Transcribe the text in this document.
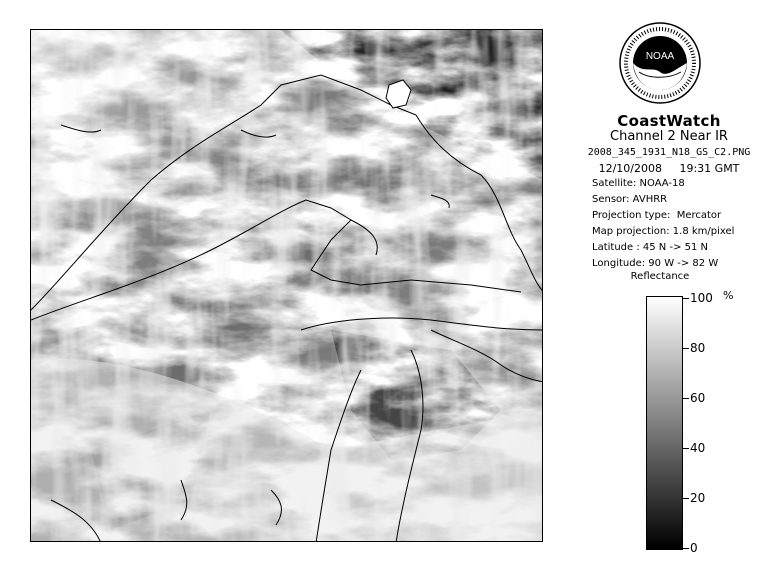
NOAA
CoastWatch
Channel 2 Near IR
2008_345_1931_N18_GS_C2.PNG
12/10/2008 19:31 GMT
Satellite: NOAA-18
Sensor: AVHRR
Projection type: Mercator
Map projection: 1.8 km/pixel
Latitude : 45 N -> 51 N
Longitude: 90 W -> 82 W
Reflectance
%
100
80
60
40
20
0
